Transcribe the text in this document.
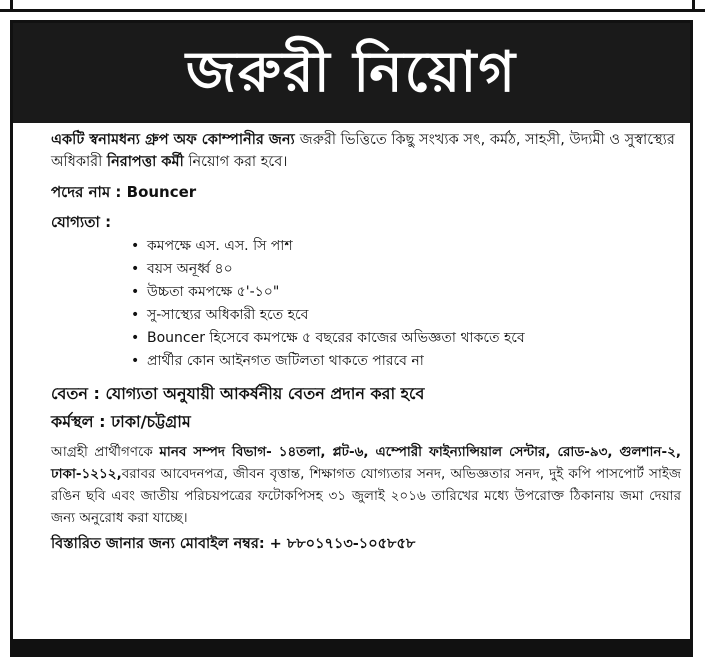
জরুরী নিয়োগ

একটি স্বনামধন্য গ্রুপ অফ কোম্পানীর জন্য জরুরী ভিত্তিতে কিছু সংখ্যক সৎ, কর্মঠ, সাহসী, উদ্যমী ও সুস্বাস্থ্যের অধিকারী নিরাপত্তা কর্মী নিয়োগ করা হবে।

পদের নাম : Bouncer

যোগ্যতা :

• কমপক্ষে এস. এস. সি পাশ
• বয়স অনূর্ধ্ব ৪০
• উচ্চতা কমপক্ষে ৫'-১০"
• সু-সাস্থ্যের অধিকারী হতে হবে
• Bouncer হিসেবে কমপক্ষে ৫ বছরের কাজের অভিজ্ঞতা থাকতে হবে
• প্রার্থীর কোন আইনগত জটিলতা থাকতে পারবে না

বেতন : যোগ্যতা অনুযায়ী আকর্ষনীয় বেতন প্রদান করা হবে

কর্মস্থল : ঢাকা/চট্টগ্রাম

আগ্রহী প্রার্থীগণকে মানব সম্পদ বিভাগ- ১৪তলা, প্লট-৬, এম্পোরী ফাইন্যান্সিয়াল সেন্টার, রোড-৯৩, গুলশান-২, ঢাকা-১২১২,বরাবর আবেদনপত্র, জীবন বৃত্তান্ত, শিক্ষাগত যোগ্যতার সনদ, অভিজ্ঞতার সনদ, দুই কপি পাসপোর্ট সাইজ রঙিন ছবি এবং জাতীয় পরিচয়পত্রের ফটোকপিসহ ৩১ জুলাই ২০১৬ তারিখের মধ্যে উপরোক্ত ঠিকানায় জমা দেয়ার জন্য অনুরোধ করা যাচ্ছে।

বিস্তারিত জানার জন্য মোবাইল নম্বর: + ৮৮০১৭১৩-১০৫৮৫৮
